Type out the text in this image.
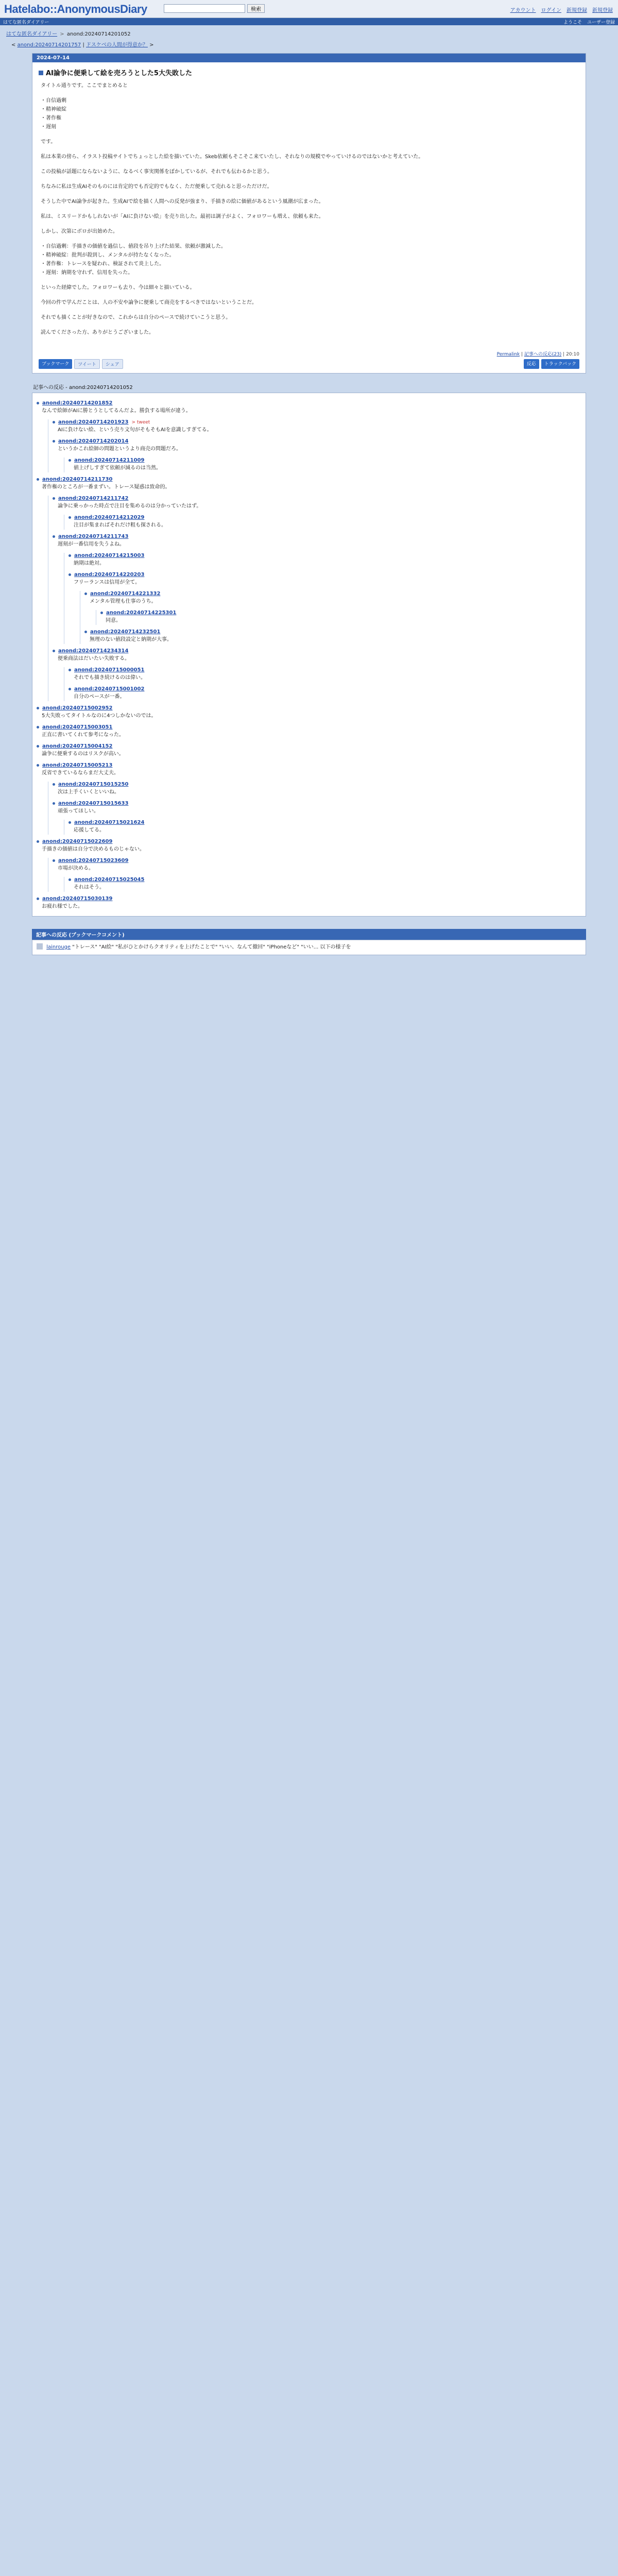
Hatelabo::AnonymousDiary	検索	アカウント ログイン 新規登録 新規登録
はてな匿名ダイアリー	ようこそ ユーザー登録
はてな匿名ダイアリー > anond:20240714201052
< anond:20240714201757 | ドスケベの人間が得意か？ >
2024-07-14
AI論争に便乗して絵を売ろうとした5大失敗した

タイトル通りです。ここでまとめると

・自信過剰
・精神破綻
・著作権
・遅刻

です。

私は本業の傍ら、イラスト投稿サイトでちょっとした絵を描いていた。Skeb依頼もそこそこ来ていたし、それなりの規模でやっていけるのではないかと考えていた。

この投稿が話題にならないように、なるべく事実関係をぼかしているが、それでも伝わるかと思う。

ちなみに私は生成AIそのものには肯定的でも否定的でもなく、ただ便乗して売れると思っただけだ。

そうした中でAI論争が起きた。生成AIで絵を描く人間への反発が強まり、手描きの絵に価値があるという風潮が広まった。

私は、ミスリードかもしれないが「AIに負けない絵」を売り出した。最初は調子がよく、フォロワーも増え、依頼も来た。

しかし、次第にボロが出始めた。

・自信過剰：手描きの価値を過信し、値段を吊り上げた結果、依頼が激減した。
・精神破綻：批判が殺到し、メンタルが持たなくなった。
・著作権：トレースを疑われ、検証されて炎上した。
・遅刻：納期を守れず、信用を失った。

といった経緯でした。フォロワーも去り、今は細々と描いている。

今回の件で学んだことは、人の不安や論争に便乗して商売をするべきではないということだ。

それでも描くことが好きなので、これからは自分のペースで続けていこうと思う。

読んでくださった方、ありがとうございました。

Permalink | 記事への反応(23) | 20:10
ブックマーク	ツイート	シェア	反応	トラックバック
記事への反応 - anond:20240714201052
anond:20240714201852
なんで絵師がAIに勝とうとしてるんだよ。勝負する場所が違う。
anond:20240714201923 > tweet
AIに負けない絵、という売り文句がそもそもAIを意識しすぎてる。
anond:20240714202014
というかこれ絵師の問題というより商売の問題だろ。
anond:20240714211009
値上げしすぎて依頼が減るのは当然。
anond:20240714211730
著作権のところが一番まずい。トレース疑惑は致命的。
anond:20240714211742
論争に乗っかった時点で注目を集めるのは分かっていたはず。
anond:20240714212029
注目が集まればそれだけ粗も探される。
anond:20240714211743
遅刻が一番信用を失うよね。
anond:20240714215003
納期は絶対。
anond:20240714220203
フリーランスは信用が全て。
anond:20240714221332
メンタル管理も仕事のうち。
anond:20240714225301
同意。
anond:20240714232501
無理のない値段設定と納期が大事。
anond:20240714234314
便乗商法はだいたい失敗する。
anond:20240715000051
それでも描き続けるのは偉い。
anond:20240715001002
自分のペースが一番。
anond:20240715002952
5大失敗ってタイトルなのに4つしかないのでは。
anond:20240715003051
正直に書いてくれて参考になった。
anond:20240715004152
論争に便乗するのはリスクが高い。
anond:20240715005213
反省できているならまだ大丈夫。
anond:20240715015250
次は上手くいくといいね。
anond:20240715015633
頑張ってほしい。
anond:20240715021624
応援してる。
anond:20240715022609
手描きの価値は自分で決めるものじゃない。
anond:20240715023609
市場が決める。
anond:20240715025045
それはそう。
anond:20240715030139
お疲れ様でした。
記事への反応 (ブックマークコメント)
lainrouge "トレース" "AI絵" "私がひとかけらクオリティを上げたことで" "いい、なんて撤回" "iPhoneなど" "いい... 以下の様子を
